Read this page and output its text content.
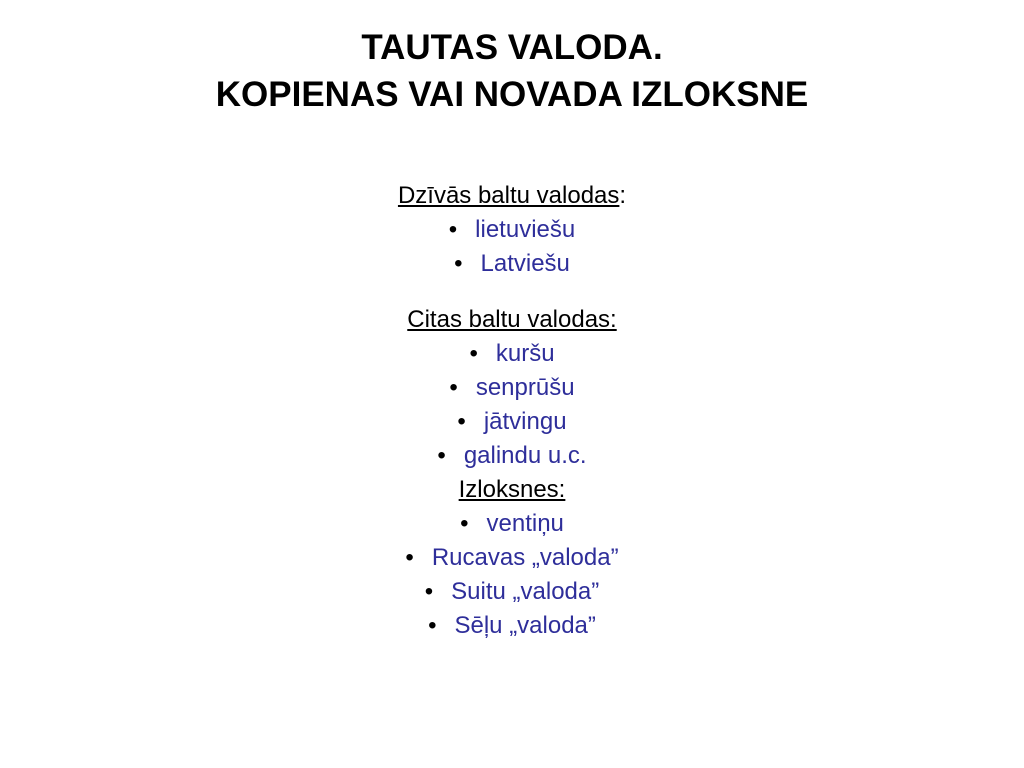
TAUTAS VALODA.
KOPIENAS VAI NOVADA IZLOKSNE
Dzīvās baltu valodas:
• lietuviešu
• Latviešu
Citas baltu valodas:
• kuršu
• senprūšu
• jātvingu
• galindu u.c.
Izloksnes:
• ventiņu
• Rucavas „valoda”
• Suitu „valoda”
• Sēļu „valoda”
